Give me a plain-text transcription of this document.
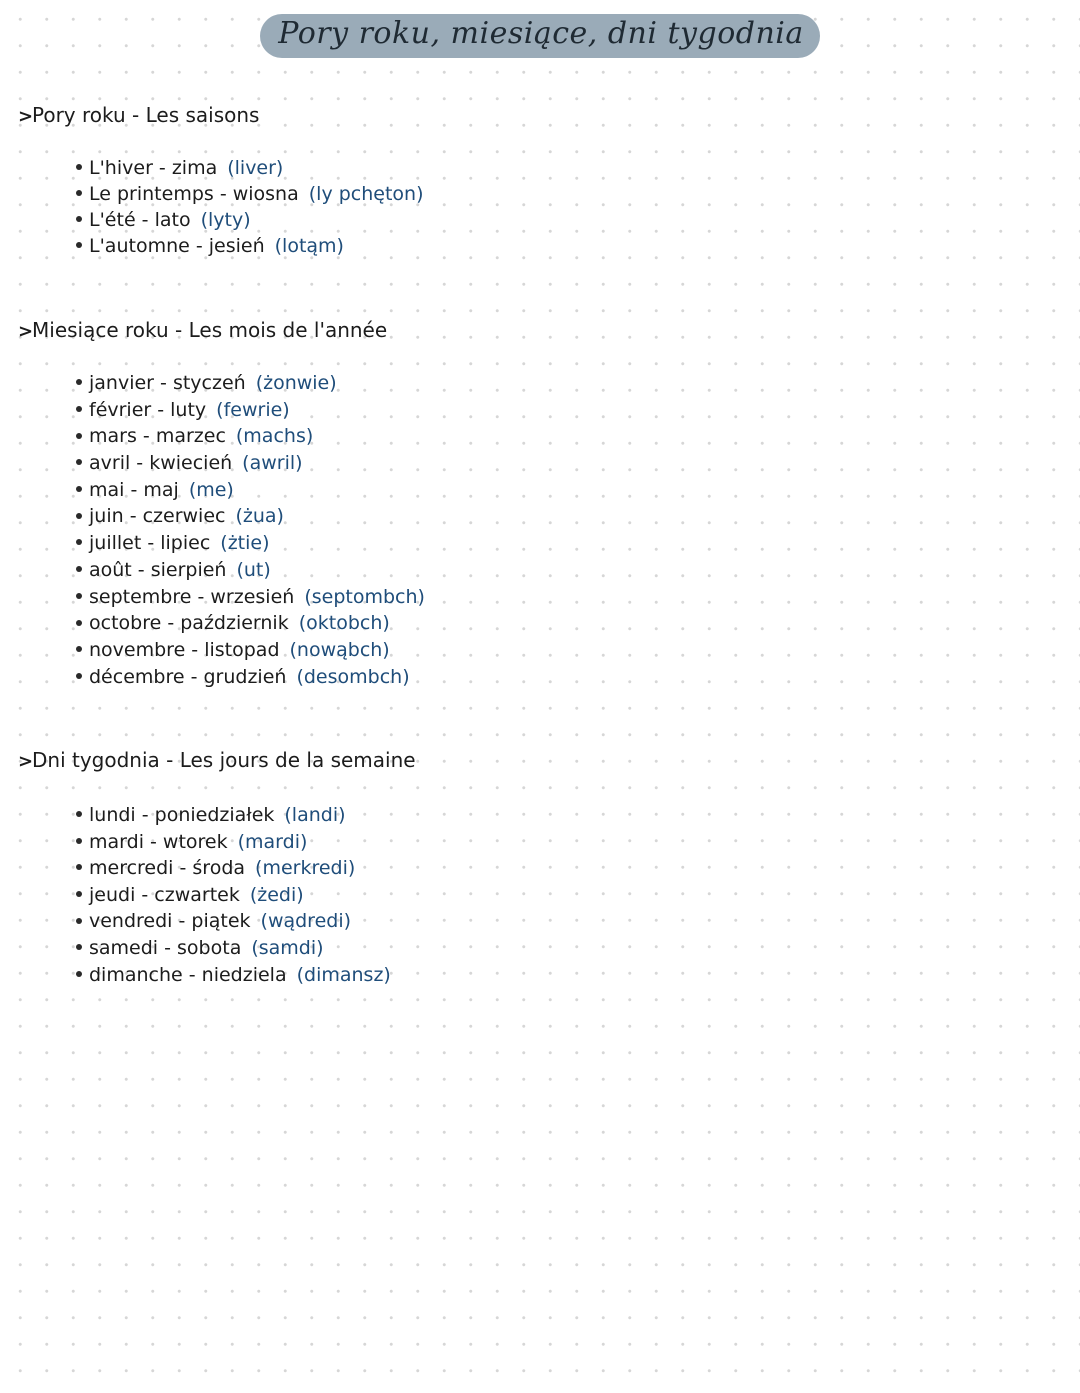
Pory roku, miesiące, dni tygodnia
>Pory roku - Les saisons
L'hiver - zima (liver)
Le printemps - wiosna (ly pchęton)
L'été - lato (lyty)
L'automne - jesień (lotąm)
>Miesiące roku - Les mois de l'année
janvier - styczeń (żonwie)
février - luty (fewrie)
mars - marzec (machs)
avril - kwiecień (awril)
mai - maj (me)
juin - czerwiec (żua)
juillet - lipiec (żtie)
août - sierpień (ut)
septembre - wrzesień (septombch)
octobre - październik (oktobch)
novembre - listopad (nowąbch)
décembre - grudzień (desombch)
>Dni tygodnia - Les jours de la semaine
lundi - poniedziałek (landi)
mardi - wtorek (mardi)
mercredi - środa (merkredi)
jeudi - czwartek (żedi)
vendredi - piątek (wądredi)
samedi - sobota (samdi)
dimanche - niedziela (dimansz)
